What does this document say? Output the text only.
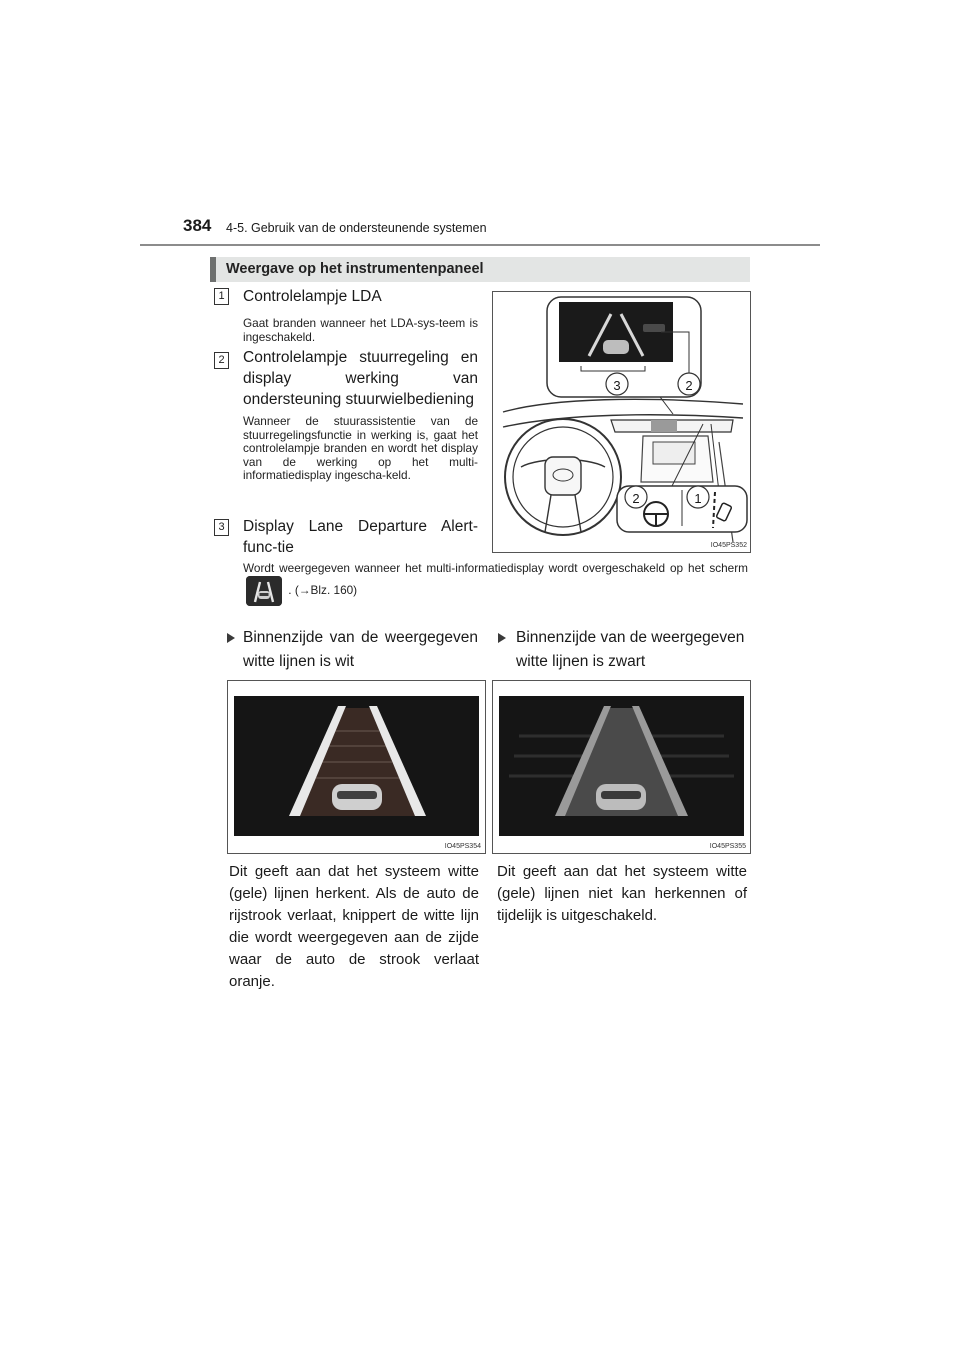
384 4-5. Gebruik van de ondersteunende systemen
Weergave op het instrumentenpaneel
1 Controlelampje LDA
Gaat branden wanneer het LDA-sys-teem is ingeschakeld.
2 Controlelampje stuurregeling en display werking van ondersteuning stuurwielbediening
Wanneer de stuurassistentie van de stuurregelingsfunctie in werking is, gaat het controlelampje branden en wordt het display van de werking op het multi-informatiedisplay ingescha-keld.
3 Display Lane Departure Alert-func-tie
Wordt weergegeven wanneer het multi-informatiedisplay wordt overgeschakeld op het scherm  . (→Blz. 160)
3	2
2	1
IO45PS352
Binnenzijde van de weergegeven witte lijnen is wit
IO45PS354
Dit geeft aan dat het systeem witte (gele) lijnen herkent. Als de auto de rijstrook verlaat, knippert de witte lijn die wordt weergegeven aan de zijde waar de auto de strook verlaat oranje.
Binnenzijde van de weergegeven witte lijnen is zwart
IO45PS355
Dit geeft aan dat het systeem witte (gele) lijnen niet kan herkennen of tijdelijk is uitgeschakeld.
